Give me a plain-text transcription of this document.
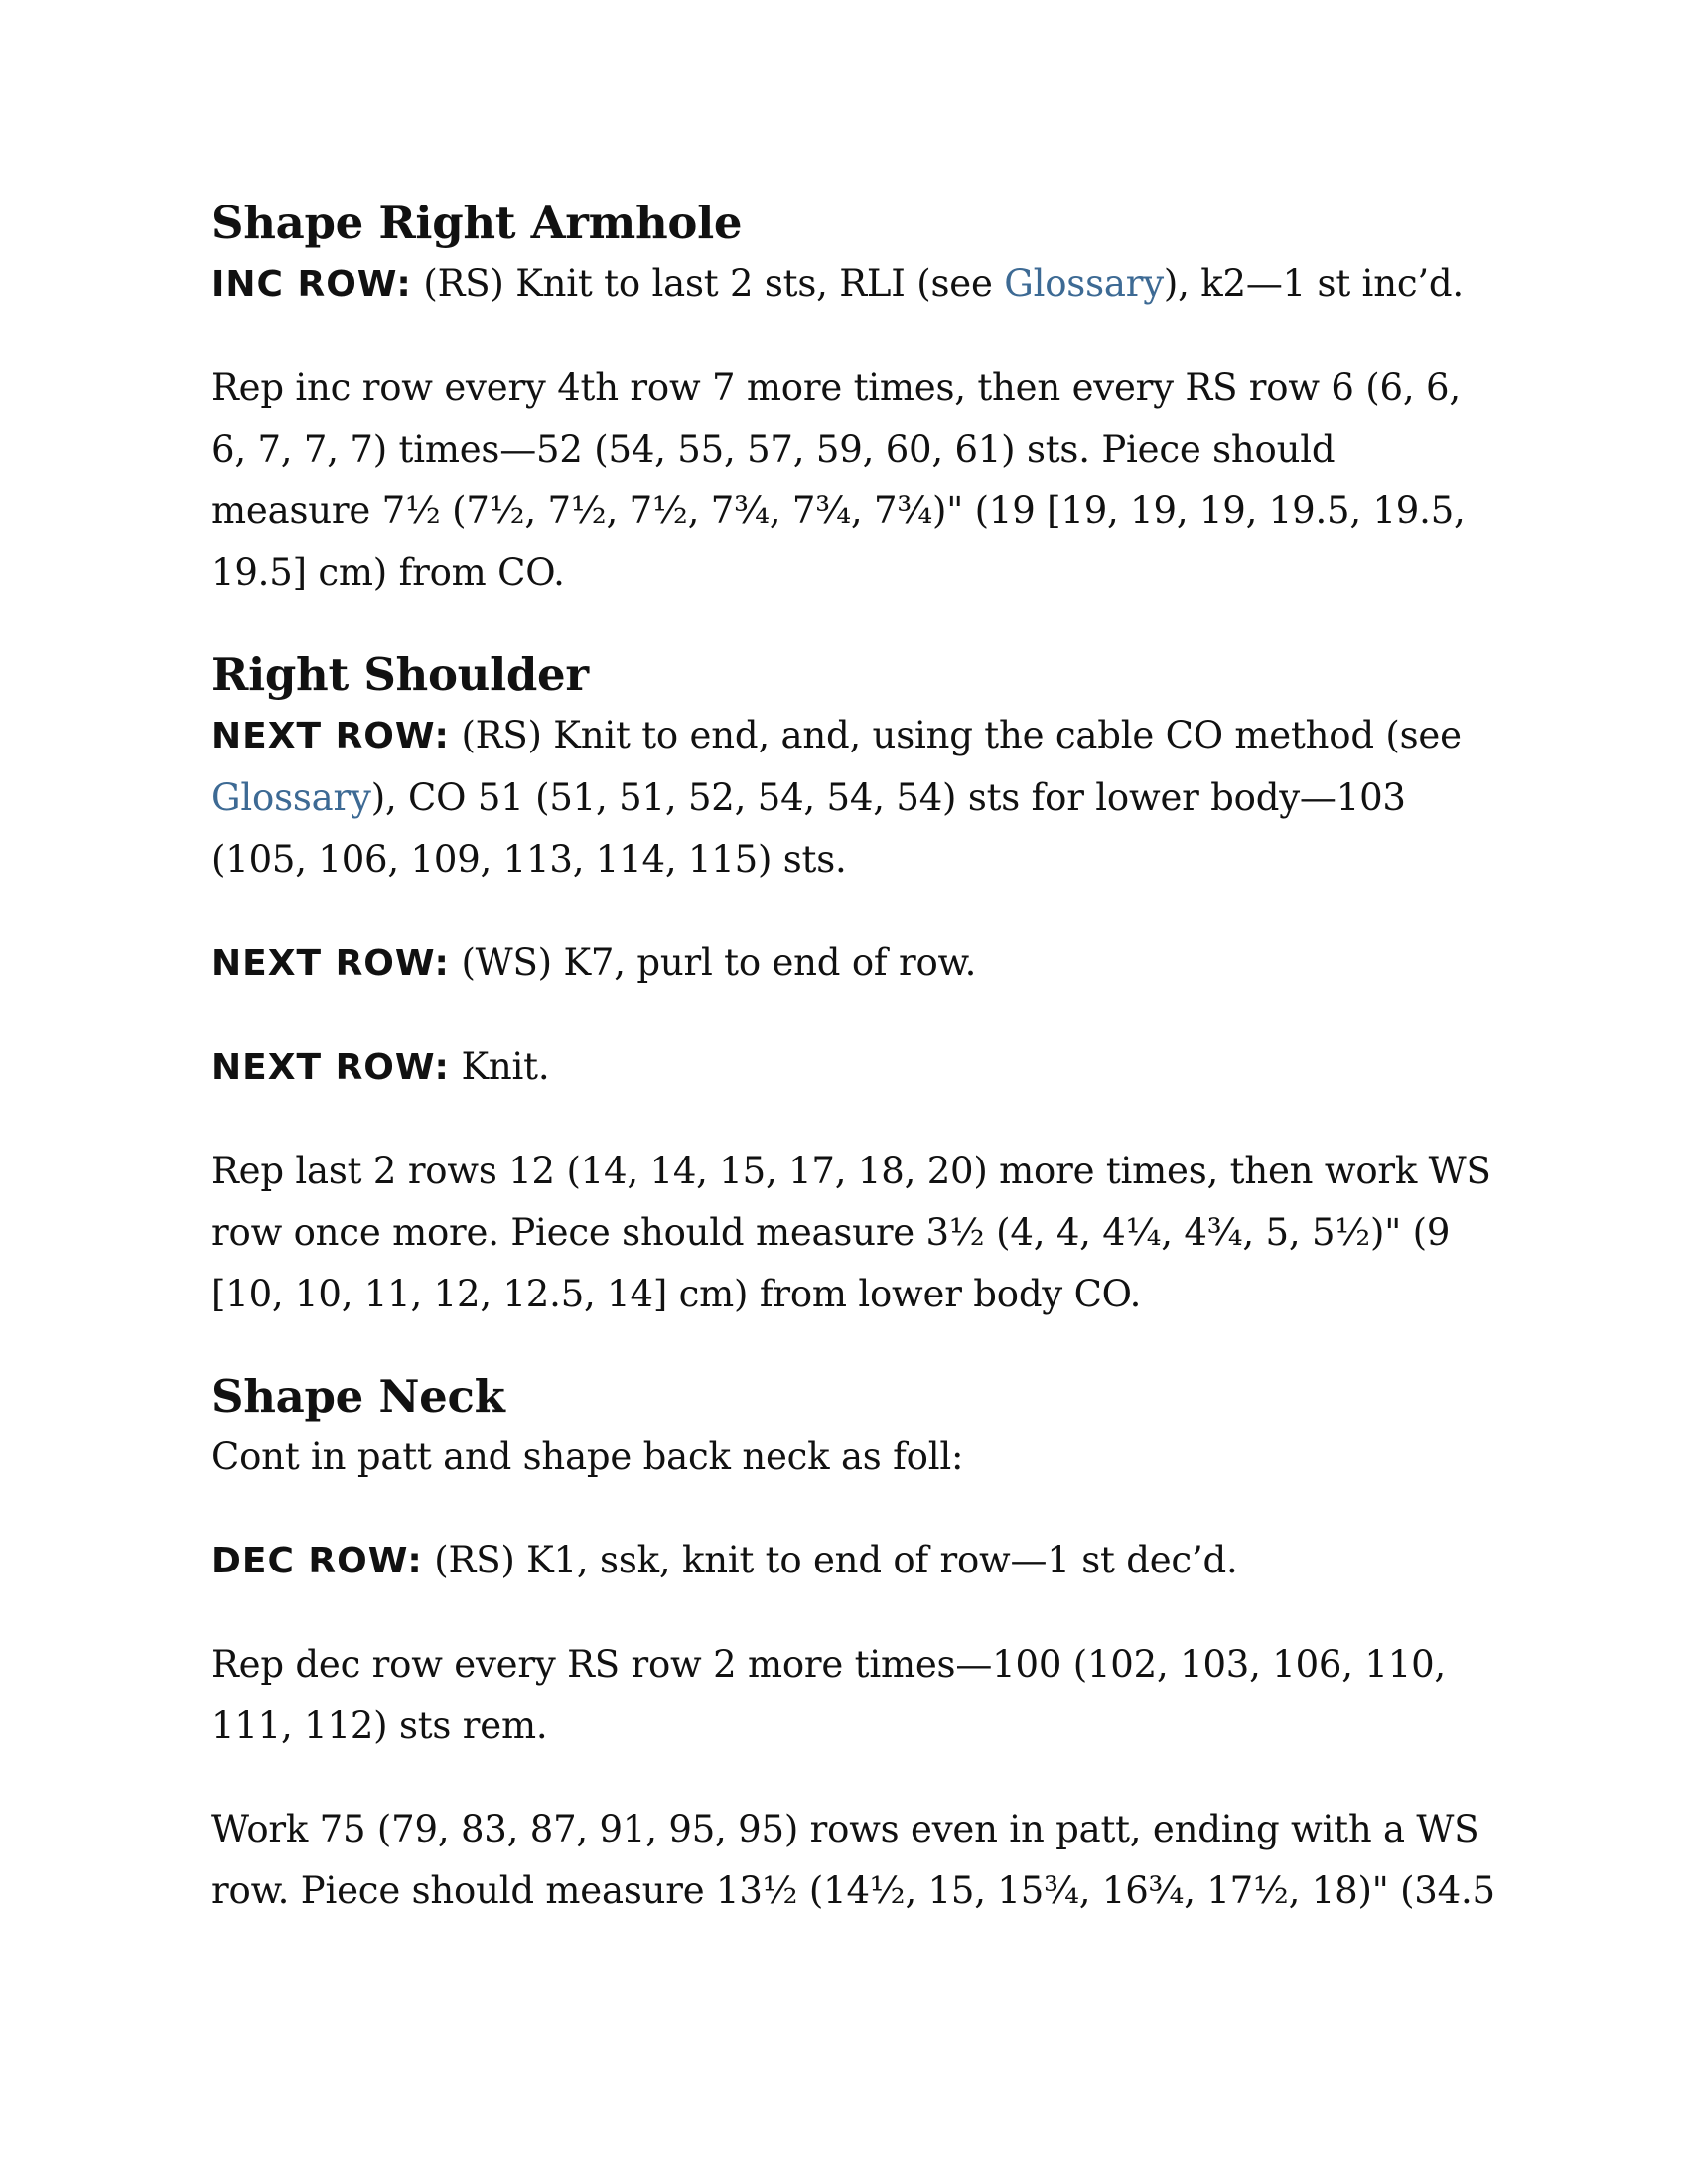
Shape Right Armhole

INC ROW: (RS) Knit to last 2 sts, RLI (see Glossary), k2—1 st inc’d.

Rep inc row every 4th row 7 more times, then every RS row 6 (6, 6, 6, 7, 7, 7) times—52 (54, 55, 57, 59, 60, 61) sts. Piece should measure 7½ (7½, 7½, 7½, 7¾, 7¾, 7¾)" (19 [19, 19, 19, 19.5, 19.5, 19.5] cm) from CO.

Right Shoulder

NEXT ROW: (RS) Knit to end, and, using the cable CO method (see Glossary), CO 51 (51, 51, 52, 54, 54, 54) sts for lower body—103 (105, 106, 109, 113, 114, 115) sts.

NEXT ROW: (WS) K7, purl to end of row.

NEXT ROW: Knit.

Rep last 2 rows 12 (14, 14, 15, 17, 18, 20) more times, then work WS row once more. Piece should measure 3½ (4, 4, 4¼, 4¾, 5, 5½)" (9 [10, 10, 11, 12, 12.5, 14] cm) from lower body CO.

Shape Neck

Cont in patt and shape back neck as foll:

DEC ROW: (RS) K1, ssk, knit to end of row—1 st dec’d.

Rep dec row every RS row 2 more times—100 (102, 103, 106, 110, 111, 112) sts rem.

Work 75 (79, 83, 87, 91, 95, 95) rows even in patt, ending with a WS row. Piece should measure 13½ (14½, 15, 15¾, 16¾, 17½, 18)" (34.5
